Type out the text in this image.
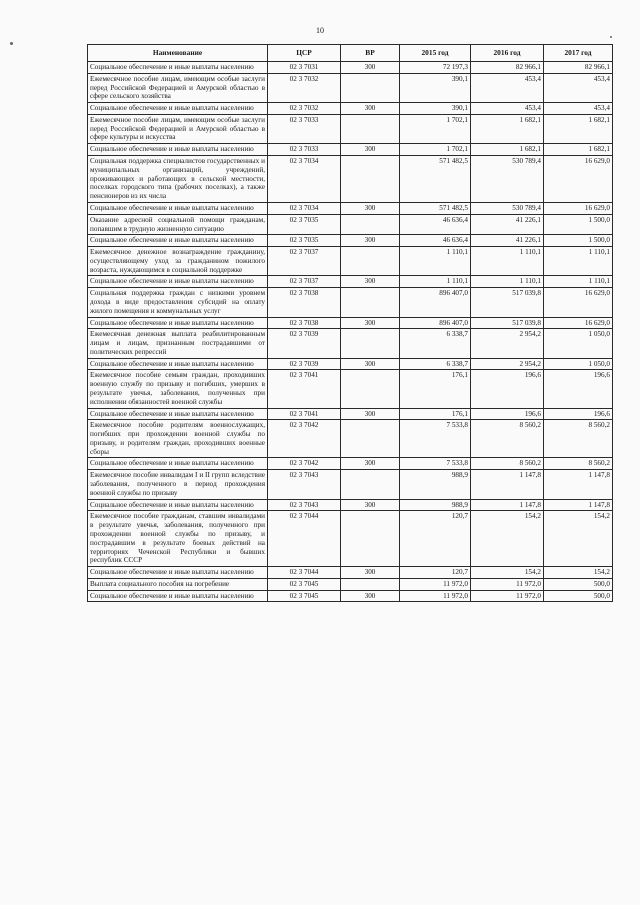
10
Наименование	ЦСР	ВР	2015 год	2016 год	2017 год
Социальное обеспечение и иные выплаты населению	02 3 7031	300	72 197,3	82 966,1	82 966,1
Ежемесячное пособие лицам, имеющим особые заслуги перед Российской Федерацией и Амурской областью в сфере сельского хозяйства	02 3 7032		390,1	453,4	453,4
Социальное обеспечение и иные выплаты населению	02 3 7032	300	390,1	453,4	453,4
Ежемесячное пособие лицам, имеющим особые заслуги перед Российской Федерацией и Амурской областью в сфере культуры и искусства	02 3 7033		1 702,1	1 682,1	1 682,1
Социальное обеспечение и иные выплаты населению	02 3 7033	300	1 702,1	1 682,1	1 682,1
Социальная поддержка специалистов государственных и муниципальных организаций, учреждений, проживающих и работающих в сельской местности, поселках городского типа (рабочих поселках), а также пенсионеров из их числа	02 3 7034		571 482,5	530 789,4	16 629,0
Социальное обеспечение и иные выплаты населению	02 3 7034	300	571 482,5	530 789,4	16 629,0
Оказание адресной социальной помощи гражданам, попавшим в трудную жизненную ситуацию	02 3 7035		46 636,4	41 226,1	1 500,0
Социальное обеспечение и иные выплаты населению	02 3 7035	300	46 636,4	41 226,1	1 500,0
Ежемесячное денежное вознаграждение гражданину, осуществляющему уход за гражданином пожилого возраста, нуждающимся в социальной поддержке	02 3 7037		1 110,1	1 110,1	1 110,1
Социальное обеспечение и иные выплаты населению	02 3 7037	300	1 110,1	1 110,1	1 110,1
Социальная поддержка граждан с низкими уровнем дохода в виде предоставления субсидий на оплату жилого помещения и коммунальных услуг	02 3 7038		896 407,0	517 039,8	16 629,0
Социальное обеспечение и иные выплаты населению	02 3 7038	300	896 407,0	517 039,8	16 629,0
Ежемесячная денежная выплата реабилитированным лицам и лицам, признанным пострадавшими от политических репрессий	02 3 7039		6 338,7	2 954,2	1 050,0
Социальное обеспечение и иные выплаты населению	02 3 7039	300	6 338,7	2 954,2	1 050,0
Ежемесячное пособие семьям граждан, проходивших военную службу по призыву и погибших, умерших в результате увечья, заболевания, полученных при исполнении обязанностей военной службы	02 3 7041		176,1	196,6	196,6
Социальное обеспечение и иные выплаты населению	02 3 7041	300	176,1	196,6	196,6
Ежемесячное пособие родителям военнослужащих, погибших при прохождении военной службы по призыву, и родителям граждан, проходивших военные сборы	02 3 7042		7 533,8	8 560,2	8 560,2
Социальное обеспечение и иные выплаты населению	02 3 7042	300	7 533,8	8 560,2	8 560,2
Ежемесячное пособие инвалидам I и II групп вследствие заболевания, полученного в период прохождения военной службы по призыву	02 3 7043		988,9	1 147,8	1 147,8
Социальное обеспечение и иные выплаты населению	02 3 7043	300	988,9	1 147,8	1 147,8
Ежемесячное пособие гражданам, ставшим инвалидами в результате увечья, заболевания, полученного при прохождении военной службы по призыву, и пострадавшим в результате боевых действий на территориях Чеченской Республики и бывших республик СССР	02 3 7044		120,7	154,2	154,2
Социальное обеспечение и иные выплаты населению	02 3 7044	300	120,7	154,2	154,2
Выплата социального пособия на погребение	02 3 7045		11 972,0	11 972,0	500,0
Социальное обеспечение и иные выплаты населению	02 3 7045	300	11 972,0	11 972,0	500,0
